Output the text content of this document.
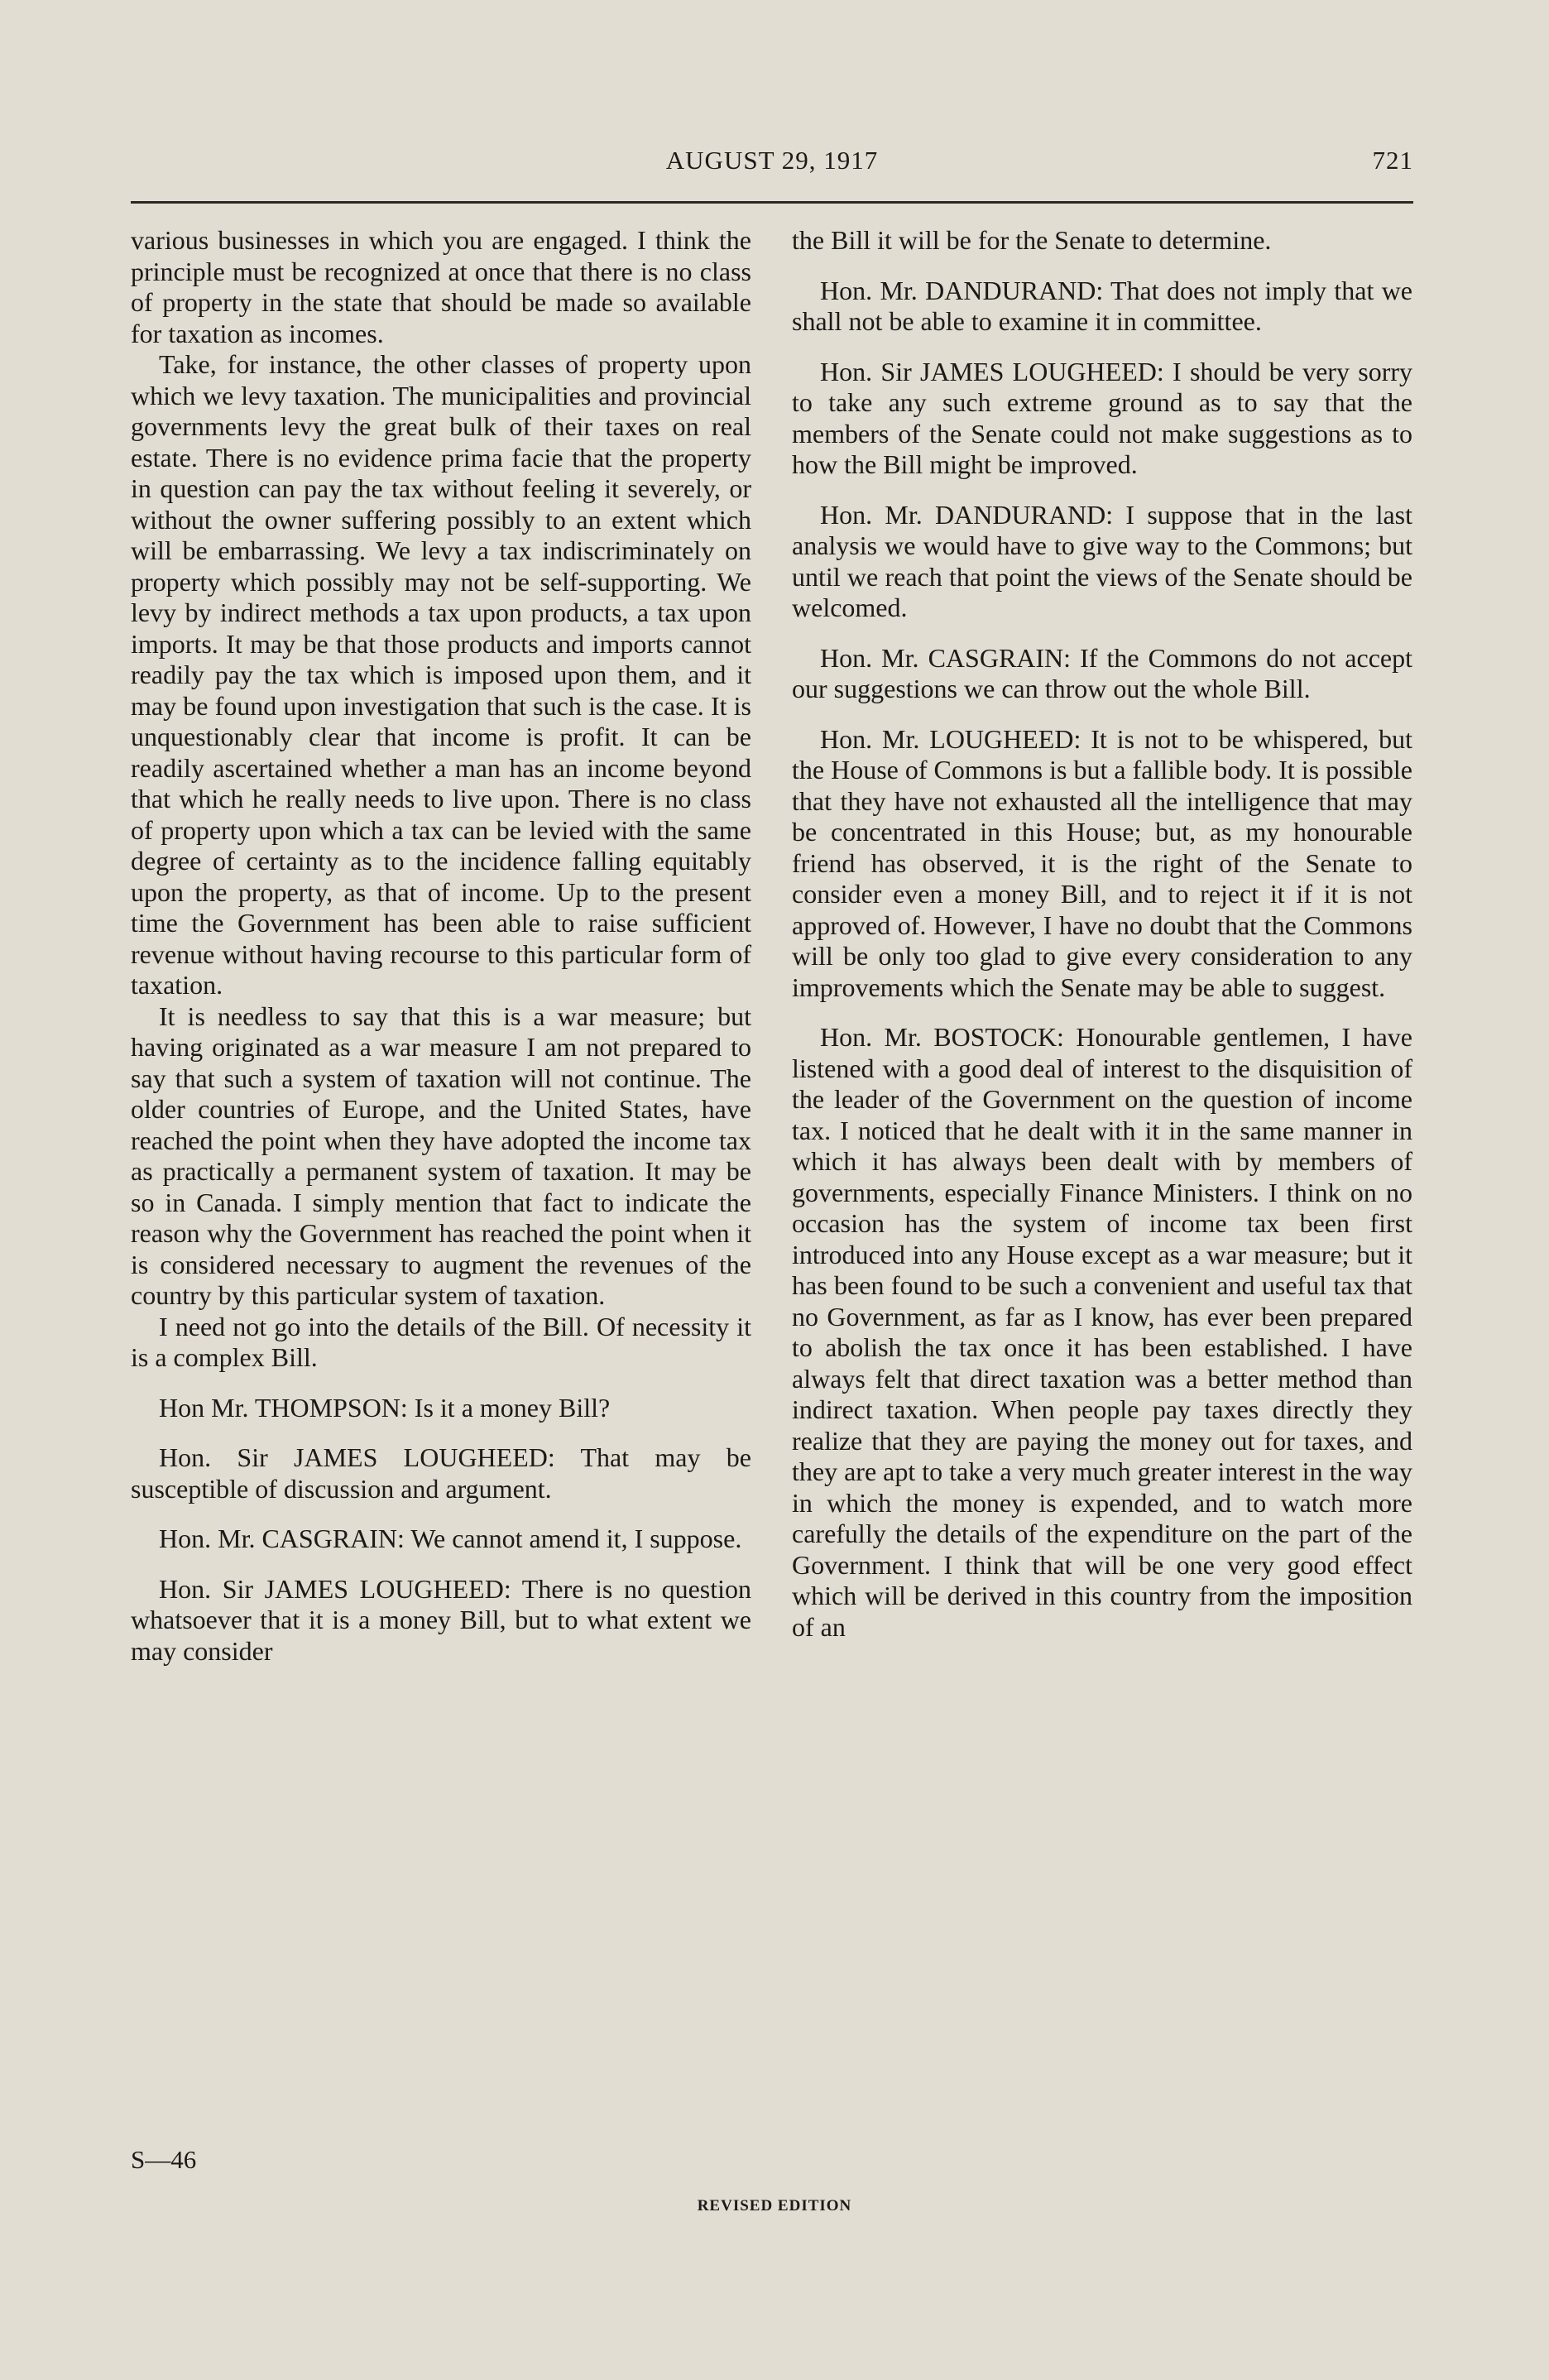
AUGUST 29, 1917	721

various businesses in which you are engaged. I think the principle must be recognized at once that there is no class of property in the state that should be made so available for taxation as incomes.

Take, for instance, the other classes of property upon which we levy taxation. The municipalities and provincial governments levy the great bulk of their taxes on real estate. There is no evidence prima facie that the property in question can pay the tax without feeling it severely, or without the owner suffering possibly to an extent which will be embarrassing. We levy a tax indiscriminately on property which possibly may not be self-supporting. We levy by indirect methods a tax upon products, a tax upon imports. It may be that those products and imports cannot readily pay the tax which is imposed upon them, and it may be found upon investigation that such is the case. It is unquestionably clear that income is profit. It can be readily ascertained whether a man has an income beyond that which he really needs to live upon. There is no class of property upon which a tax can be levied with the same degree of certainty as to the incidence falling equitably upon the property, as that of income. Up to the present time the Government has been able to raise sufficient revenue without having recourse to this particular form of taxation.

It is needless to say that this is a war measure; but having originated as a war measure I am not prepared to say that such a system of taxation will not continue. The older countries of Europe, and the United States, have reached the point when they have adopted the income tax as practically a permanent system of taxation. It may be so in Canada. I simply mention that fact to indicate the reason why the Government has reached the point when it is considered necessary to augment the revenues of the country by this particular system of taxation.

I need not go into the details of the Bill. Of necessity it is a complex Bill.

Hon Mr. THOMPSON: Is it a money Bill?

Hon. Sir JAMES LOUGHEED: That may be susceptible of discussion and argument.

Hon. Mr. CASGRAIN: We cannot amend it, I suppose.

Hon. Sir JAMES LOUGHEED: There is no question whatsoever that it is a money Bill, but to what extent we may consider

the Bill it will be for the Senate to determine.

Hon. Mr. DANDURAND: That does not imply that we shall not be able to examine it in committee.

Hon. Sir JAMES LOUGHEED: I should be very sorry to take any such extreme ground as to say that the members of the Senate could not make suggestions as to how the Bill might be improved.

Hon. Mr. DANDURAND: I suppose that in the last analysis we would have to give way to the Commons; but until we reach that point the views of the Senate should be welcomed.

Hon. Mr. CASGRAIN: If the Commons do not accept our suggestions we can throw out the whole Bill.

Hon. Mr. LOUGHEED: It is not to be whispered, but the House of Commons is but a fallible body. It is possible that they have not exhausted all the intelligence that may be concentrated in this House; but, as my honourable friend has observed, it is the right of the Senate to consider even a money Bill, and to reject it if it is not approved of. However, I have no doubt that the Commons will be only too glad to give every consideration to any improvements which the Senate may be able to suggest.

Hon. Mr. BOSTOCK: Honourable gentlemen, I have listened with a good deal of interest to the disquisition of the leader of the Government on the question of income tax. I noticed that he dealt with it in the same manner in which it has always been dealt with by members of governments, especially Finance Ministers. I think on no occasion has the system of income tax been first introduced into any House except as a war measure; but it has been found to be such a convenient and useful tax that no Government, as far as I know, has ever been prepared to abolish the tax once it has been established. I have always felt that direct taxation was a better method than indirect taxation. When people pay taxes directly they realize that they are paying the money out for taxes, and they are apt to take a very much greater interest in the way in which the money is expended, and to watch more carefully the details of the expenditure on the part of the Government. I think that will be one very good effect which will be derived in this country from the imposition of an

S—46
REVISED EDITION
